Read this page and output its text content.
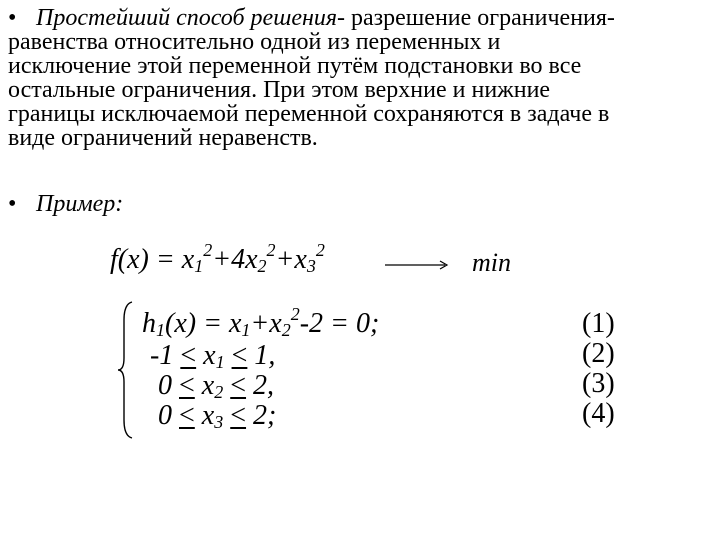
• Простейший способ решения- разрешение ограничения-
равенства относительно одной из переменных и
исключение этой переменной путём подстановки во все
остальные ограничения. При этом верхние и нижние
границы исключаемой переменной сохраняются в задаче в
виде ограничений неравенств.
• Пример:
$f(x) = x_1^2+4x_2^2+x_3^2$	min
$h_1(x) = x_1+x_2^2-2 = 0$;
$-1 \le x_1 \le 1$,
$0 \le x_2 \le 2$,
$0 \le x_3 \le 2$;
(1)
(2)
(3)
(4)
